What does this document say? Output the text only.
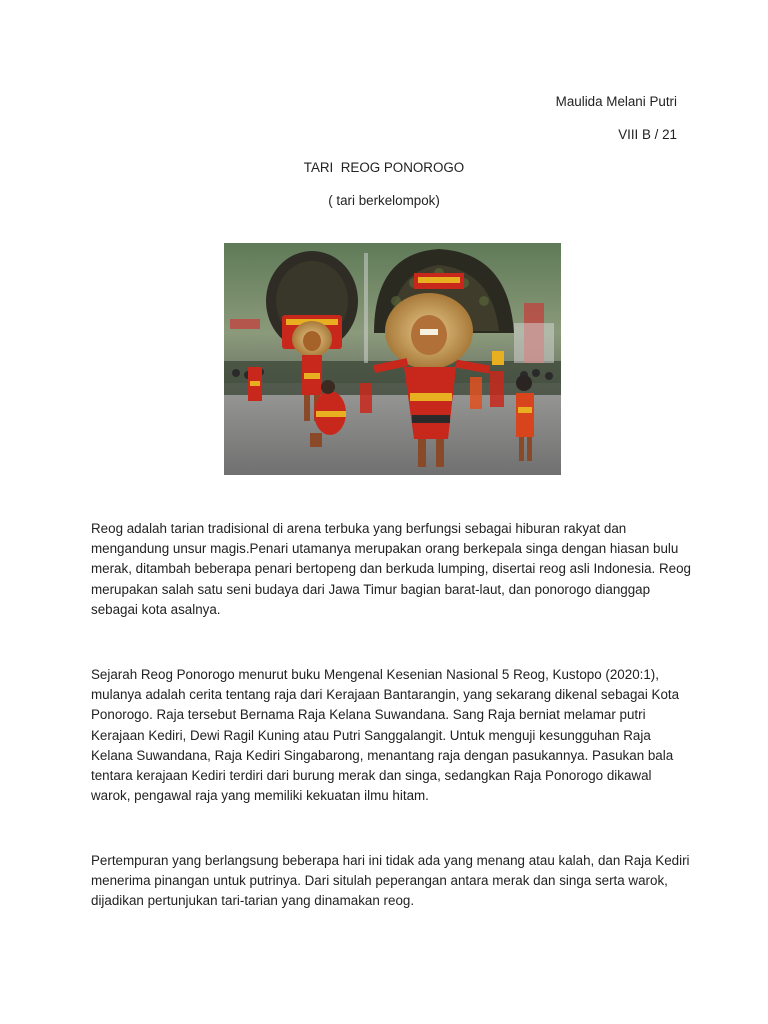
Maulida Melani Putri
VIII B / 21
TARI  REOG PONOROGO
( tari berkelompok)

Reog adalah tarian tradisional di arena terbuka yang berfungsi sebagai hiburan rakyat dan mengandung unsur magis.Penari utamanya merupakan orang berkepala singa dengan hiasan bulu merak, ditambah beberapa penari bertopeng dan berkuda lumping, disertai reog asli Indonesia. Reog merupakan salah satu seni budaya dari Jawa Timur bagian barat-laut, dan ponorogo dianggap sebagai kota asalnya.

Sejarah Reog Ponorogo menurut buku Mengenal Kesenian Nasional 5 Reog, Kustopo (2020:1), mulanya adalah cerita tentang raja dari Kerajaan Bantarangin, yang sekarang dikenal sebagai Kota Ponorogo. Raja tersebut Bernama Raja Kelana Suwandana. Sang Raja berniat melamar putri Kerajaan Kediri, Dewi Ragil Kuning atau Putri Sanggalangit. Untuk menguji kesungguhan Raja Kelana Suwandana, Raja Kediri Singabarong, menantang raja dengan pasukannya. Pasukan bala tentara kerajaan Kediri terdiri dari burung merak dan singa, sedangkan Raja Ponorogo dikawal warok, pengawal raja yang memiliki kekuatan ilmu hitam.

Pertempuran yang berlangsung beberapa hari ini tidak ada yang menang atau kalah, dan Raja Kediri menerima pinangan untuk putrinya. Dari situlah peperangan antara merak dan singa serta warok, dijadikan pertunjukan tari-tarian yang dinamakan reog.
